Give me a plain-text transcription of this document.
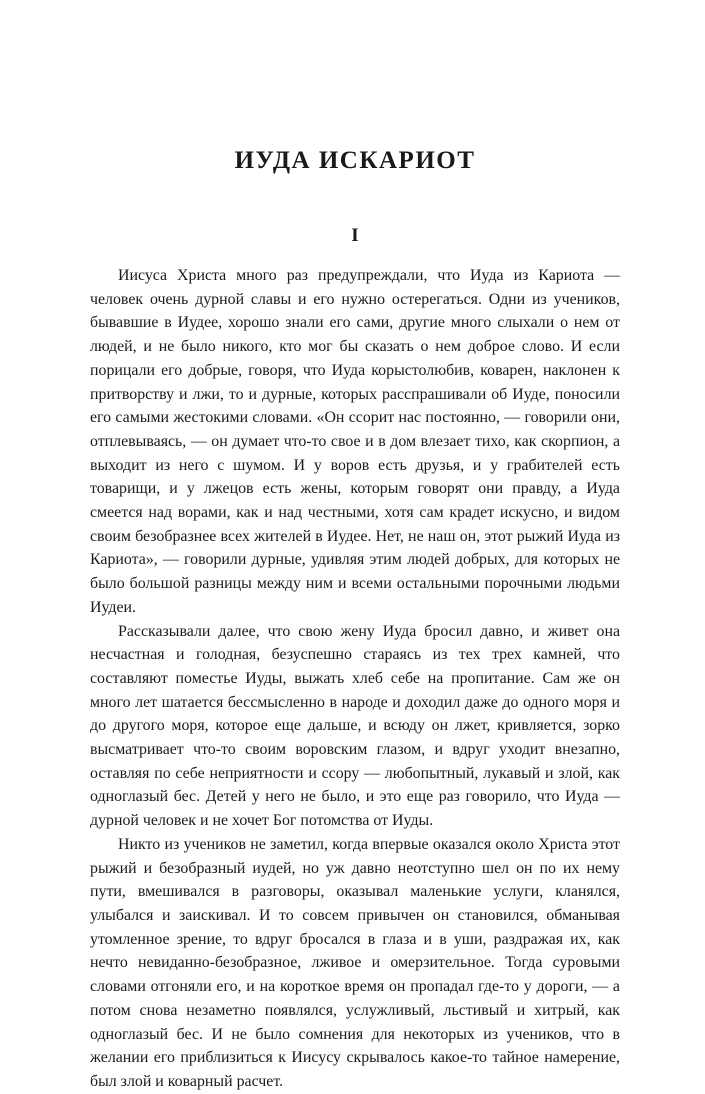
ИУДА ИСКАРИОТ
I

Иисуса Христа много раз предупреждали, что Иуда из Кариота — человек очень дурной славы и его нужно остерегаться. Одни из учеников, бывавшие в Иудее, хорошо знали его сами, другие много слыхали о нем от людей, и не было никого, кто мог бы сказать о нем доброе слово. И если порицали его добрые, говоря, что Иуда корыстолюбив, коварен, наклонен к притворству и лжи, то и дурные, которых расспрашивали об Иуде, поносили его самыми жестокими словами. «Он ссорит нас постоянно, — говорили они, отплевываясь, — он думает что-то свое и в дом влезает тихо, как скорпион, а выходит из него с шумом. И у воров есть друзья, и у грабителей есть товарищи, и у лжецов есть жены, которым говорят они правду, а Иуда смеется над ворами, как и над честными, хотя сам крадет искусно, и видом своим безобразнее всех жителей в Иудее. Нет, не наш он, этот рыжий Иуда из Кариота», — говорили дурные, удивляя этим людей добрых, для которых не было большой разницы между ним и всеми остальными порочными людьми Иудеи.

Рассказывали далее, что свою жену Иуда бросил давно, и живет она несчастная и голодная, безуспешно стараясь из тех трех камней, что составляют поместье Иуды, выжать хлеб себе на пропитание. Сам же он много лет шатается бессмысленно в народе и доходил даже до одного моря и до другого моря, которое еще дальше, и всюду он лжет, кривляется, зорко высматривает что-то своим воровским глазом, и вдруг уходит внезапно, оставляя по себе неприятности и ссору — любопытный, лукавый и злой, как одноглазый бес. Детей у него не было, и это еще раз говорило, что Иуда — дурной человек и не хочет Бог потомства от Иуды.

Никто из учеников не заметил, когда впервые оказался около Христа этот рыжий и безобразный иудей, но уж давно неотступно шел он по их нему пути, вмешивался в разговоры, оказывал маленькие услуги, кланялся, улыбался и заискивал. И то совсем привычен он становился, обманывая утомленное зрение, то вдруг бросался в глаза и в уши, раздражая их, как нечто невиданно-безобразное, лживое и омерзительное. Тогда суровыми словами отгоняли его, и на короткое время он пропадал где-то у дороги, — а потом снова незаметно появлялся, услужливый, льстивый и хитрый, как одноглазый бес. И не было сомнения для некоторых из учеников, что в желании его приблизиться к Иисусу скрывалось какое-то тайное намерение, был злой и коварный расчет.
